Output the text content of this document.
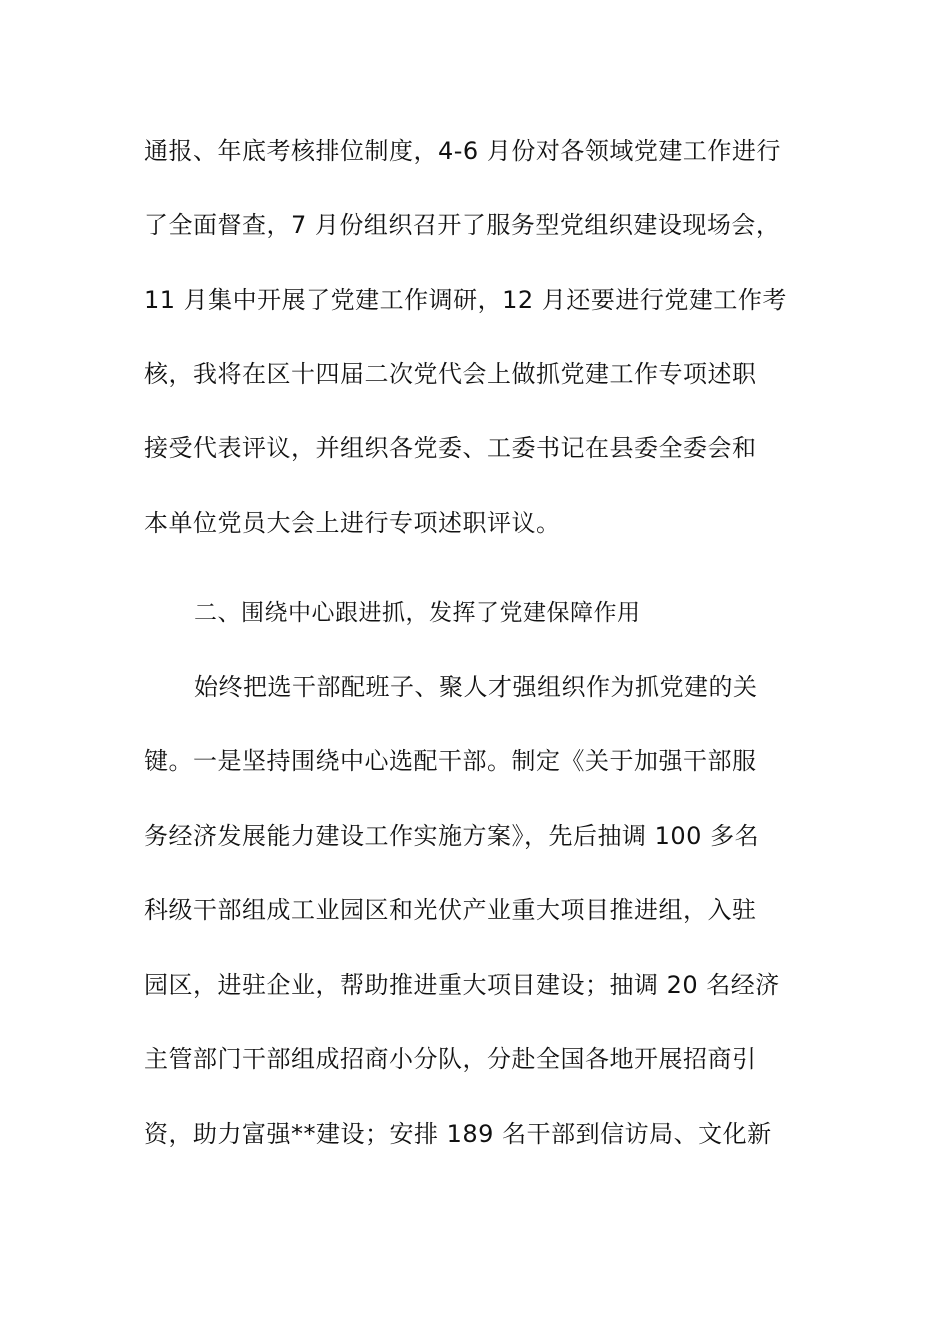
通报、年底考核排位制度，4-6 月份对各领域党建工作进行
了全面督查，7 月份组织召开了服务型党组织建设现场会，
11 月集中开展了党建工作调研，12 月还要进行党建工作考
核，我将在区十四届二次党代会上做抓党建工作专项述职
接受代表评议，并组织各党委、工委书记在县委全委会和
本单位党员大会上进行专项述职评议。
二、围绕中心跟进抓，发挥了党建保障作用
始终把选干部配班子、聚人才强组织作为抓党建的关
键。一是坚持围绕中心选配干部。制定《关于加强干部服
务经济发展能力建设工作实施方案》，先后抽调 100 多名
科级干部组成工业园区和光伏产业重大项目推进组，入驻
园区，进驻企业，帮助推进重大项目建设；抽调 20 名经济
主管部门干部组成招商小分队，分赴全国各地开展招商引
资，助力富强**建设；安排 189 名干部到信访局、文化新
